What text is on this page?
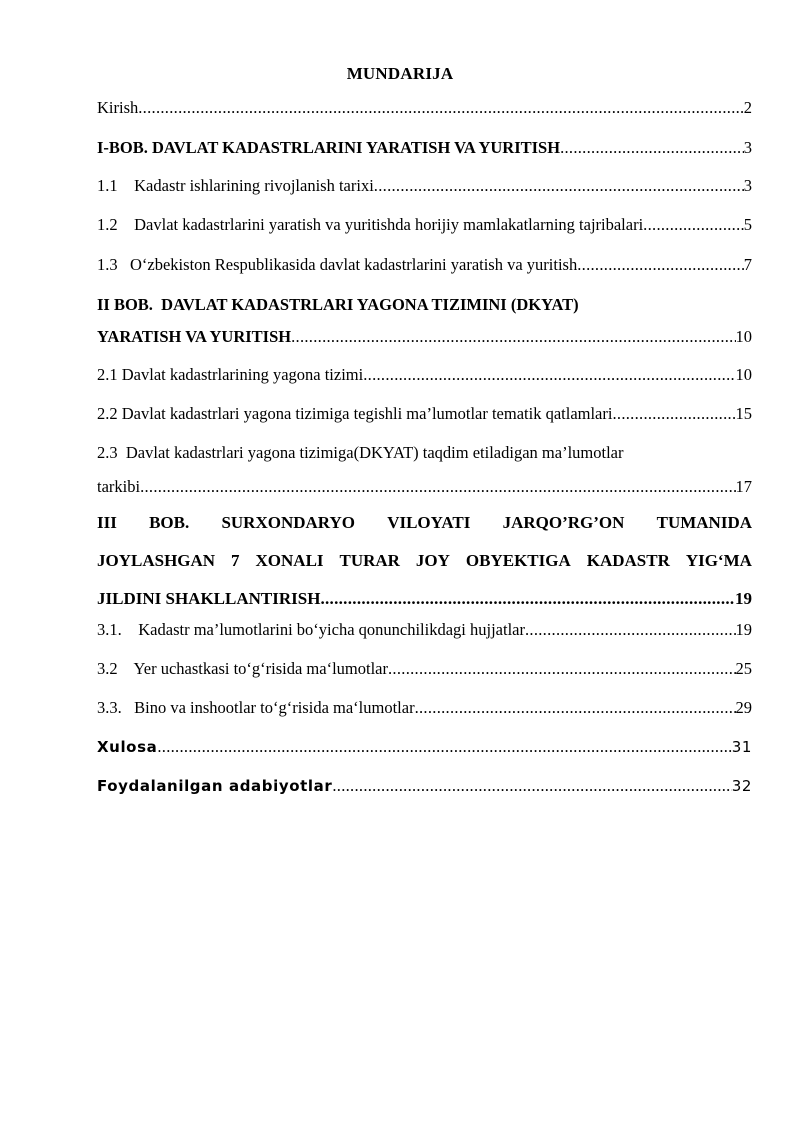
MUNDARIJA
Kirish .....	2
I-BOB. DAVLAT KADASTRLARINI YARATISH VA YURITISH .....	3
1.1    Kadastr ishlarining rivojlanish tarixi .....	3
1.2    Davlat kadastrlarini yaratish va yuritishda horijiy mamlakatlarning tajribalari .....	5
1.3   O‘zbekiston Respublikasida davlat kadastrlarini yaratish va yuritish .....	7
II BOB.  DAVLAT KADASTRLARI YAGONA TIZIMINI (DKYAT)
YARATISH VA YURITISH .....	10
2.1 Davlat kadastrlarining yagona tizimi .....	10
2.2 Davlat kadastrlari yagona tizimiga tegishli ma’lumotlar tematik qatlamlari .....	15
2.3  Davlat kadastrlari yagona tizimiga(DKYAT) taqdim etiladigan ma’lumotlar
tarkibi .....	17
III BOB. SURXONDARYO VILOYATI JARQO’RG’ON TUMANIDA
JOYLASHGAN 7 XONALI TURAR JOY OBYEKTIGA KADASTR YIG‘MA
JILDINI SHAKLLANTIRISH .....	19
3.1.    Kadastr ma’lumotlarini bo‘yicha qonunchilikdagi hujjatlar .....	19
3.2    Yer uchastkasi to‘g‘risida ma‘lumotlar .....	25
3.3.   Bino va inshootlar to‘g‘risida ma‘lumotlar .....	29
Xulosa .....	31
Foydalanilgan adabiyotlar .....	32
